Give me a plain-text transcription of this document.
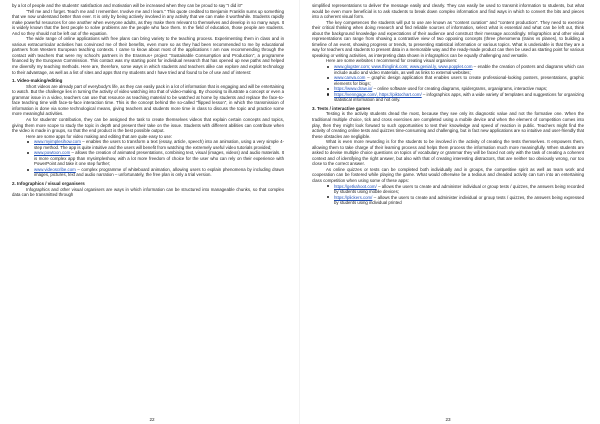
by a lot of people and the students' satisfaction and motivation will be increased when they can be proud to say "I did it!"

"Tell me and I forget. Teach me and I remember. Involve me and I learn." This quote credited to Benjamin Franklin sums up something that we now understand better than ever. It is only by being actively involved in any activity that we can make it worthwhile. Students rapidly make powerful resources for one another when everyone adults, as they make them relevant to themselves and develop in so many ways. It is widely known that the best people to solve problems are the people who face them. In the field of education, those people are students. And so they should not be left out of the equation.

The wide range of online applications with free plans can bring variety to the teaching process. Experimenting them in class and in various extracurricular activities has convinced me of their benefits, even more so as they had been recommended to me by educational partners from Western European teaching contexts. I came to know about most of the applications I am now recommending through the contact with teachers that were my school's partners in the Erasmus+ project "Sustainable Consumption and Production", a programme financed by the European Commission. This contact was my starting point for individual research that has opened up new paths and helped me diversify my teaching methods. Here are, therefore, some ways in which students and teachers alike can explore and exploit technology to their advantage, as well as a list of sites and apps that my students and I have tried and found to be of use and of interest:

1. Video-making/editing

Short videos are already part of everybody's life, as they can easily pack in a lot of information that is engaging and will be entertaining to watch. But the challenge lies in turning the activity of video watching into that of video-making. By choosing to illustrate a concept or even a grammar issue in a video, teachers can use that resource as teaching material to be watched at home by students and replace the face-to-face teaching time with face-to-face interaction time. This is the concept behind the so-called "flipped lesson", in which the transmission of information is done via some technological means, giving teachers and students more time in class to discuss the topic and practice some more meaningful activities.

As for students' contribution, they can be assigned the task to create themselves videos that explain certain concepts and topics, giving them more scope to study the topic in depth and present their take on the issue. Students with different abilities can contribute when the video is made in groups, so that the end product is the best possible output.

Here are some apps for video making and editing that are quite easy to use:

www.myimplesihow.com – enables the users to transform a text (essay, article, speech) into an animation, using a very simple 4-step method. The app is quite intuitive and the users will benefit from watching the extremely useful video tutorials provided;
www.powtoon.com – allows the creation of animated presentations, combining text, visual (images, videos) and audio materials. It is more complex app than mysimpleshow, with a lot more freedom of choice for the user who can rely on their experience with PowerPoint and take it one step further;
www.videoscribe.com – complex programme of whiteboard animation, allowing users to explain phenomena by including drawn images, pictures, text and audio narration – unfortunately, the free plan is only a trial version.
2. Infographics / visual organisers

Infographics and other visual organisers are ways in which information can be structured into manageable chunks, so that complex data can be transmitted through

22

simplified representations to deliver the message easily and clearly. They can easily be used to transmit information to students, but what would be even more beneficial is to ask students to break down complex information and find ways in which to convert the bits and pieces into a coherent visual form.

The key competences the students will put to use are known as "content curation" and "content production". They need to exercise their critical thinking when doing research and find reliable sources of information, select what is essential and what can be left out, think about the background knowledge and expectations of their audience and construct their message accordingly. Infographics and other visual representations can range from showing a contrastive view of two opposing concepts (three phenomena (trains vs planes), to building a timeline of an event, showing progress or trends, to presenting statistical information or various topics. What is undeniable is that they are a way for teachers and students to present data in a memorable way and the ready-made product can then be used as starting point for various speaking or writing activities, as interpreting data shown in infographics can be equally challenging and versatile.

Here are some websites I recommend for creating visual organisers:

www.glogster.com; www.thinglink.com; www.genial.ly, www.popplet.com – enable the creation of posters and diagrams which can include audio and video materials, as well as links to external websites;
www.canva.com – graphic design application that enables users to create professional-looking posters, presentations, graphic elements for blogs;
https://www.draw.io/ – online software used for creating diagrams, spidergrams, organigrams, interactive maps;
https://venngage.com/, https://piktochart.com/ – infographics apps, with a wide variety of templates and suggestions for organizing statistical information and not only.
3. Tests / interactive games

Testing is the activity students dread the most, because they see only its diagnostic value and not the formative one. When the traditional multiple choice, tick and cross exercises are completed using a mobile device and when the element of competition comes into play, then they might look forward to such opportunities to test their knowledge and speed of reaction in public. Teachers might find the activity of creating online tests and quizzes time-consuming and challenging, but in fact new applications are so intuitive and user-friendly that these obstacles are negligible.

What is even more rewarding is for the students to be involved in the activity of creating the tests themselves. It empowers them, allowing them to take charge of their learning process and helps them process the information much more meaningfully. When students are asked to devise multiple choice questions on topics of vocabulary or grammar they will be faced not only with the task of creating a coherent context and of identifying the right answer, but also with that of creating interesting distractors, that are neither too obviously wrong, nor too close to the correct answer.

As online quizzes or tests can be completed both individually and in groups, the competitive spirit as well as team work and cooperation can be fostered while playing the game. What would otherwise be a tedious and dreaded activity can turn into an entertaining class competition when using some of these apps:

https://getkahoot.com/ – allows the users to create and administer individual or group tests / quizzes, the answers being recorded by students using mobile devices;
https://plickers.com/ – allows the users to create and administer individual or group tests / quizzes, the answers being expressed by students using individual printed
23
